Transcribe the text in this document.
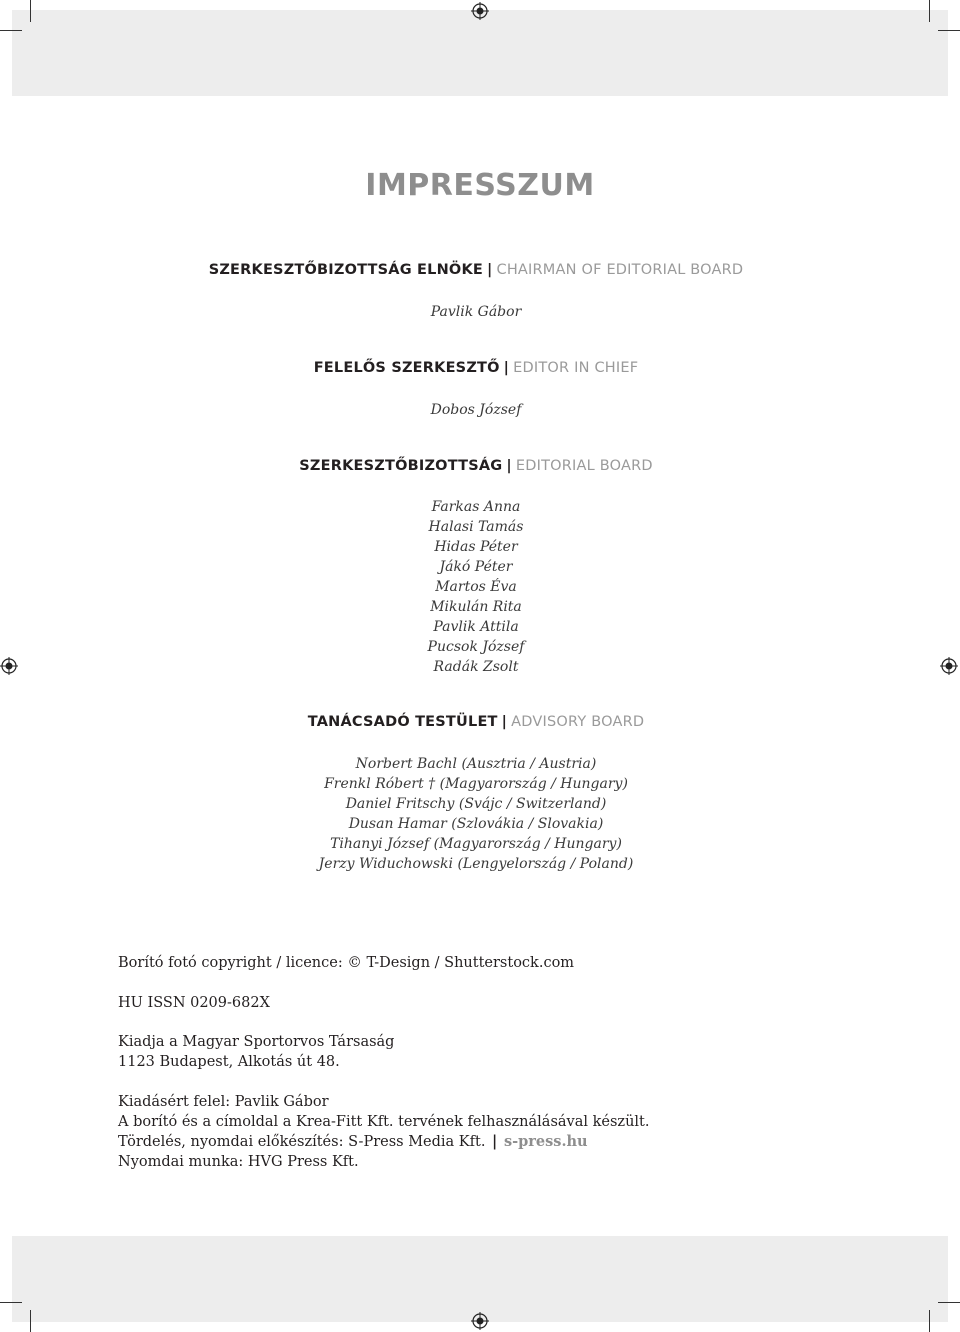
IMPRESSZUM
SZERKESZTŐBIZOTTSÁG ELNÖKE | CHAIRMAN OF EDITORIAL BOARD
Pavlik Gábor
FELELŐS SZERKESZTŐ | EDITOR IN CHIEF
Dobos József
SZERKESZTŐBIZOTTSÁG | EDITORIAL BOARD
Farkas Anna
Halasi Tamás
Hidas Péter
Jákó Péter
Martos Éva
Mikulán Rita
Pavlik Attila
Pucsok József
Radák Zsolt
TANÁCSADÓ TESTÜLET | ADVISORY BOARD
Norbert Bachl (Ausztria / Austria)
Frenkl Róbert † (Magyarország / Hungary)
Daniel Fritschy (Svájc / Switzerland)
Dusan Hamar (Szlovákia / Slovakia)
Tihanyi József (Magyarország / Hungary)
Jerzy Widuchowski (Lengyelország / Poland)
Borító fotó copyright / licence: © T-Design / Shutterstock.com
HU ISSN 0209-682X
Kiadja a Magyar Sportorvos Társaság
1123 Budapest, Alkotás út 48.
Kiadásért felel: Pavlik Gábor
A borító és a címoldal a Krea-Fitt Kft. tervének felhasználásával készült.
Tördelés, nyomdai előkészítés: S-Press Media Kft. | s-press.hu
Nyomdai munka: HVG Press Kft.
